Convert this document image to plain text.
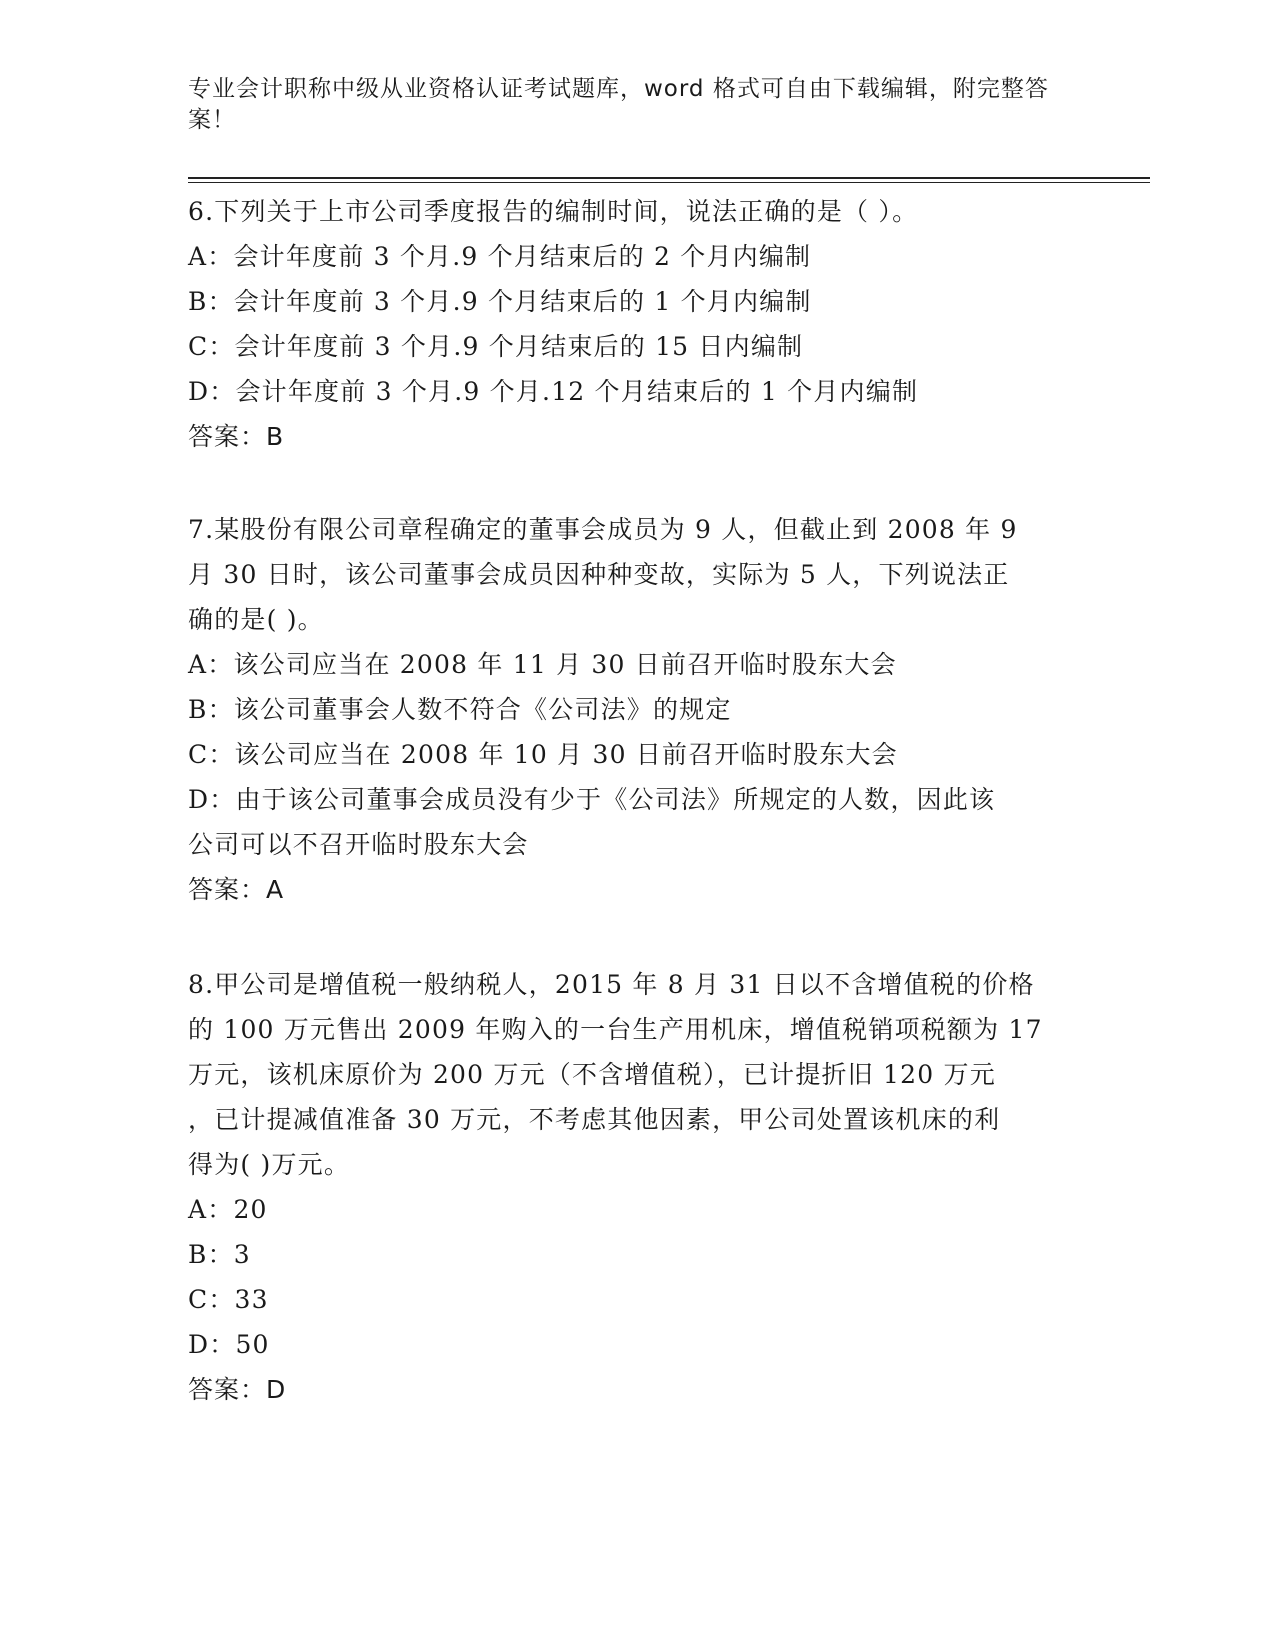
专业会计职称中级从业资格认证考试题库，word 格式可自由下载编辑，附完整答
案！
6.下列关于上市公司季度报告的编制时间，说法正确的是（ ）。
A：会计年度前 3 个月.9 个月结束后的 2 个月内编制
B：会计年度前 3 个月.9 个月结束后的 1 个月内编制
C：会计年度前 3 个月.9 个月结束后的 15 日内编制
D：会计年度前 3 个月.9 个月.12 个月结束后的 1 个月内编制
答案：B
7.某股份有限公司章程确定的董事会成员为 9 人，但截止到 2008 年 9
月 30 日时，该公司董事会成员因种种变故，实际为 5 人，下列说法正
确的是( )。
A：该公司应当在 2008 年 11 月 30 日前召开临时股东大会
B：该公司董事会人数不符合《公司法》的规定
C：该公司应当在 2008 年 10 月 30 日前召开临时股东大会
D：由于该公司董事会成员没有少于《公司法》所规定的人数，因此该
公司可以不召开临时股东大会
答案：A
8.甲公司是增值税一般纳税人，2015 年 8 月 31 日以不含增值税的价格
的 100 万元售出 2009 年购入的一台生产用机床，增值税销项税额为 17
万元，该机床原价为 200 万元（不含增值税），已计提折旧 120 万元
，已计提减值准备 30 万元，不考虑其他因素，甲公司处置该机床的利
得为( )万元。
A：20
B：3
C：33
D：50
答案：D
